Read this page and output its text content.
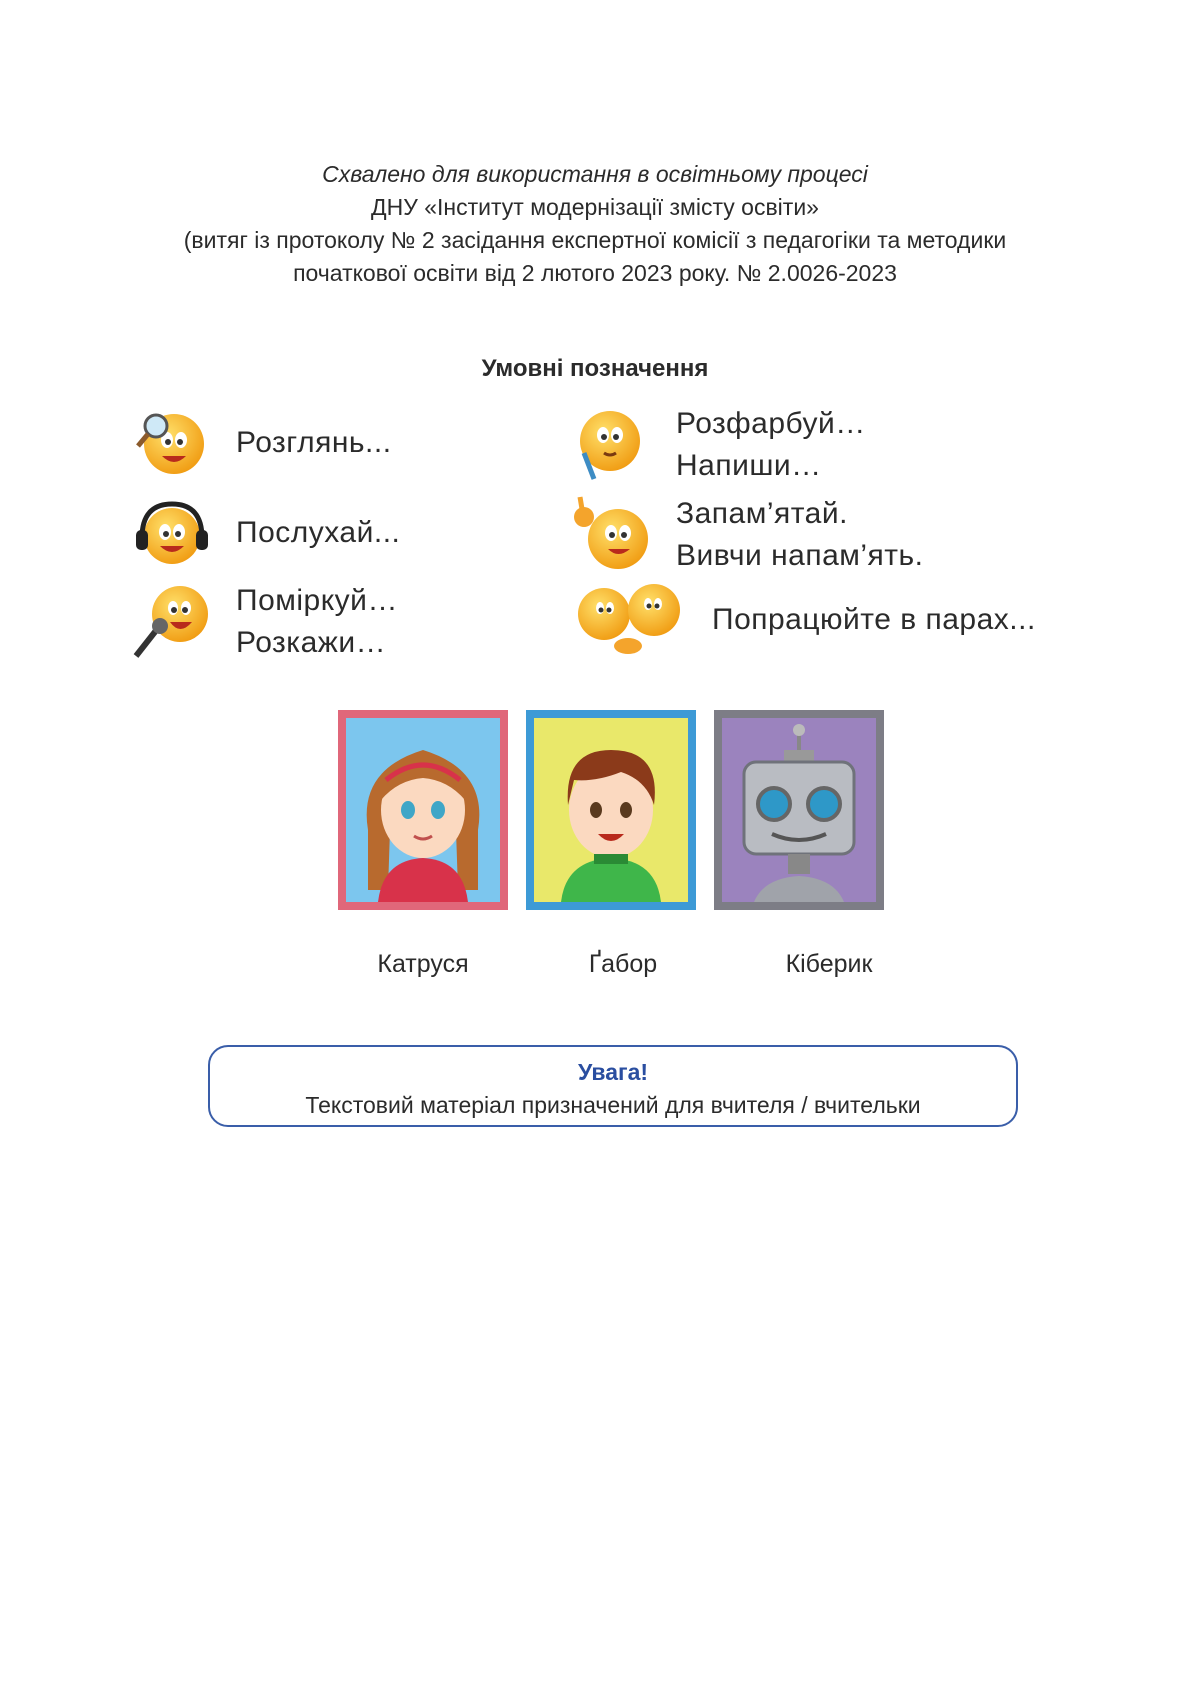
Схвалено для використання в освітньому процесі
ДНУ «Інститут модернізації змісту освіти»
(витяг із протоколу № 2 засідання експертної комісії з педагогіки та методики
початкової освіти від 2 лютого 2023 року. № 2.0026-2023
Умовні позначення
Розглянь...
Послухай...
Поміркуй…
Розкажи…
Розфарбуй…
Напиши…
Запам’ятай.
Вивчи напам’ять.
Попрацюйте в парах...
Катруся	Ґабор	Кіберик
Увага!
Текстовий матеріал призначений для вчителя / вчительки
